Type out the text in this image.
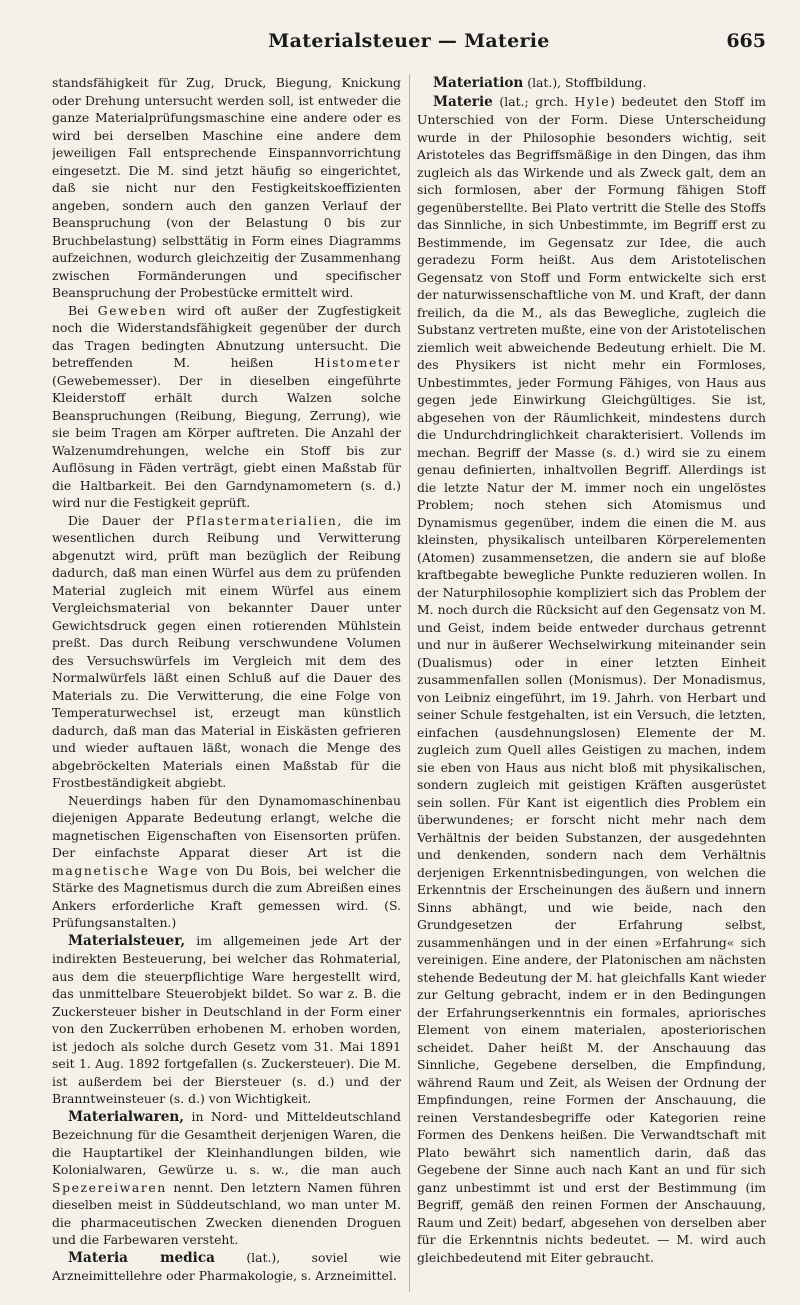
Materialsteuer — Materie	665

standsfähigkeit für Zug, Druck, Biegung, Knickung oder Drehung untersucht werden soll, ist entweder die ganze Materialprüfungsmaschine eine andere oder es wird bei derselben Maschine eine andere dem jeweiligen Fall entsprechende Einspannvorrichtung eingesetzt. Die M. sind jetzt häufig so eingerichtet, daß sie nicht nur den Festigkeitskoeffizienten angeben, sondern auch den ganzen Verlauf der Beanspruchung (von der Belastung 0 bis zur Bruchbelastung) selbsttätig in Form eines Diagramms aufzeichnen, wodurch gleichzeitig der Zusammenhang zwischen Formänderungen und specifischer Beanspruchung der Probestücke ermittelt wird.

Bei Geweben wird oft außer der Zugfestigkeit noch die Widerstandsfähigkeit gegenüber der durch das Tragen bedingten Abnutzung untersucht. Die betreffenden M. heißen Histometer (Gewebemesser). Der in dieselben eingeführte Kleiderstoff erhält durch Walzen solche Beanspruchungen (Reibung, Biegung, Zerrung), wie sie beim Tragen am Körper auftreten. Die Anzahl der Walzenumdrehungen, welche ein Stoff bis zur Auflösung in Fäden verträgt, giebt einen Maßstab für die Haltbarkeit. Bei den Garndynamometern (s. d.) wird nur die Festigkeit geprüft.

Die Dauer der Pflastermaterialien, die im wesentlichen durch Reibung und Verwitterung abgenutzt wird, prüft man bezüglich der Reibung dadurch, daß man einen Würfel aus dem zu prüfenden Material zugleich mit einem Würfel aus einem Vergleichsmaterial von bekannter Dauer unter Gewichtsdruck gegen einen rotierenden Mühlstein preßt. Das durch Reibung verschwundene Volumen des Versuchswürfels im Vergleich mit dem des Normalwürfels läßt einen Schluß auf die Dauer des Materials zu. Die Verwitterung, die eine Folge von Temperaturwechsel ist, erzeugt man künstlich dadurch, daß man das Material in Eiskästen gefrieren und wieder auftauen läßt, wonach die Menge des abgebröckelten Materials einen Maßstab für die Frostbeständigkeit abgiebt.

Neuerdings haben für den Dynamomaschinenbau diejenigen Apparate Bedeutung erlangt, welche die magnetischen Eigenschaften von Eisensorten prüfen. Der einfachste Apparat dieser Art ist die magnetische Wage von Du Bois, bei welcher die Stärke des Magnetismus durch die zum Abreißen eines Ankers erforderliche Kraft gemessen wird. (S. Prüfungsanstalten.)

Materialsteuer, im allgemeinen jede Art der indirekten Besteuerung, bei welcher das Rohmaterial, aus dem die steuerpflichtige Ware hergestellt wird, das unmittelbare Steuerobjekt bildet. So war z. B. die Zuckersteuer bisher in Deutschland in der Form einer von den Zuckerrüben erhobenen M. erhoben worden, ist jedoch als solche durch Gesetz vom 31. Mai 1891 seit 1. Aug. 1892 fortgefallen (s. Zuckersteuer). Die M. ist außerdem bei der Biersteuer (s. d.) und der Branntweinsteuer (s. d.) von Wichtigkeit.

Materialwaren, in Nord- und Mitteldeutschland Bezeichnung für die Gesamtheit derjenigen Waren, die die Hauptartikel der Kleinhandlungen bilden, wie Kolonialwaren, Gewürze u. s. w., die man auch Spezereiwaren nennt. Den letztern Namen führen dieselben meist in Süddeutschland, wo man unter M. die pharmaceutischen Zwecken dienenden Droguen und die Farbewaren versteht.

Materia medica (lat.), soviel wie Arzneimittellehre oder Pharmakologie, s. Arzneimittel.

Materiation (lat.), Stoffbildung.

Materie (lat.; grch. Hyle) bedeutet den Stoff im Unterschied von der Form. Diese Unterscheidung wurde in der Philosophie besonders wichtig, seit Aristoteles das Begriffsmäßige in den Dingen, das ihm zugleich als das Wirkende und als Zweck galt, dem an sich formlosen, aber der Formung fähigen Stoff gegenüberstellte. Bei Plato vertritt die Stelle des Stoffs das Sinnliche, in sich Unbestimmte, im Begriff erst zu Bestimmende, im Gegensatz zur Idee, die auch geradezu Form heißt. Aus dem Aristotelischen Gegensatz von Stoff und Form entwickelte sich erst der naturwissenschaftliche von M. und Kraft, der dann freilich, da die M., als das Bewegliche, zugleich die Substanz vertreten mußte, eine von der Aristotelischen ziemlich weit abweichende Bedeutung erhielt. Die M. des Physikers ist nicht mehr ein Formloses, Unbestimmtes, jeder Formung Fähiges, von Haus aus gegen jede Einwirkung Gleichgültiges. Sie ist, abgesehen von der Räumlichkeit, mindestens durch die Undurchdringlichkeit charakterisiert. Vollends im mechan. Begriff der Masse (s. d.) wird sie zu einem genau definierten, inhaltvollen Begriff. Allerdings ist die letzte Natur der M. immer noch ein ungelöstes Problem; noch stehen sich Atomismus und Dynamismus gegenüber, indem die einen die M. aus kleinsten, physikalisch unteilbaren Körperelementen (Atomen) zusammensetzen, die andern sie auf bloße kraftbegabte bewegliche Punkte reduzieren wollen. In der Naturphilosophie kompliziert sich das Problem der M. noch durch die Rücksicht auf den Gegensatz von M. und Geist, indem beide entweder durchaus getrennt und nur in äußerer Wechselwirkung miteinander sein (Dualismus) oder in einer letzten Einheit zusammenfallen sollen (Monismus). Der Monadismus, von Leibniz eingeführt, im 19. Jahrh. von Herbart und seiner Schule festgehalten, ist ein Versuch, die letzten, einfachen (ausdehnungslosen) Elemente der M. zugleich zum Quell alles Geistigen zu machen, indem sie eben von Haus aus nicht bloß mit physikalischen, sondern zugleich mit geistigen Kräften ausgerüstet sein sollen. Für Kant ist eigentlich dies Problem ein überwundenes; er forscht nicht mehr nach dem Verhältnis der beiden Substanzen, der ausgedehnten und denkenden, sondern nach dem Verhältnis derjenigen Erkenntnisbedingungen, von welchen die Erkenntnis der Erscheinungen des äußern und innern Sinns abhängt, und wie beide, nach den Grundgesetzen der Erfahrung selbst, zusammenhängen und in der einen »Erfahrung« sich vereinigen. Eine andere, der Platonischen am nächsten stehende Bedeutung der M. hat gleichfalls Kant wieder zur Geltung gebracht, indem er in den Bedingungen der Erfahrungserkenntnis ein formales, apriorisches Element von einem materialen, aposteriorischen scheidet. Daher heißt M. der Anschauung das Sinnliche, Gegebene derselben, die Empfindung, während Raum und Zeit, als Weisen der Ordnung der Empfindungen, reine Formen der Anschauung, die reinen Verstandesbegriffe oder Kategorien reine Formen des Denkens heißen. Die Verwandtschaft mit Plato bewährt sich namentlich darin, daß das Gegebene der Sinne auch nach Kant an und für sich ganz unbestimmt ist und erst der Bestimmung (im Begriff, gemäß den reinen Formen der Anschauung, Raum und Zeit) bedarf, abgesehen von derselben aber für die Erkenntnis nichts bedeutet. — M. wird auch gleichbedeutend mit Eiter gebraucht.
